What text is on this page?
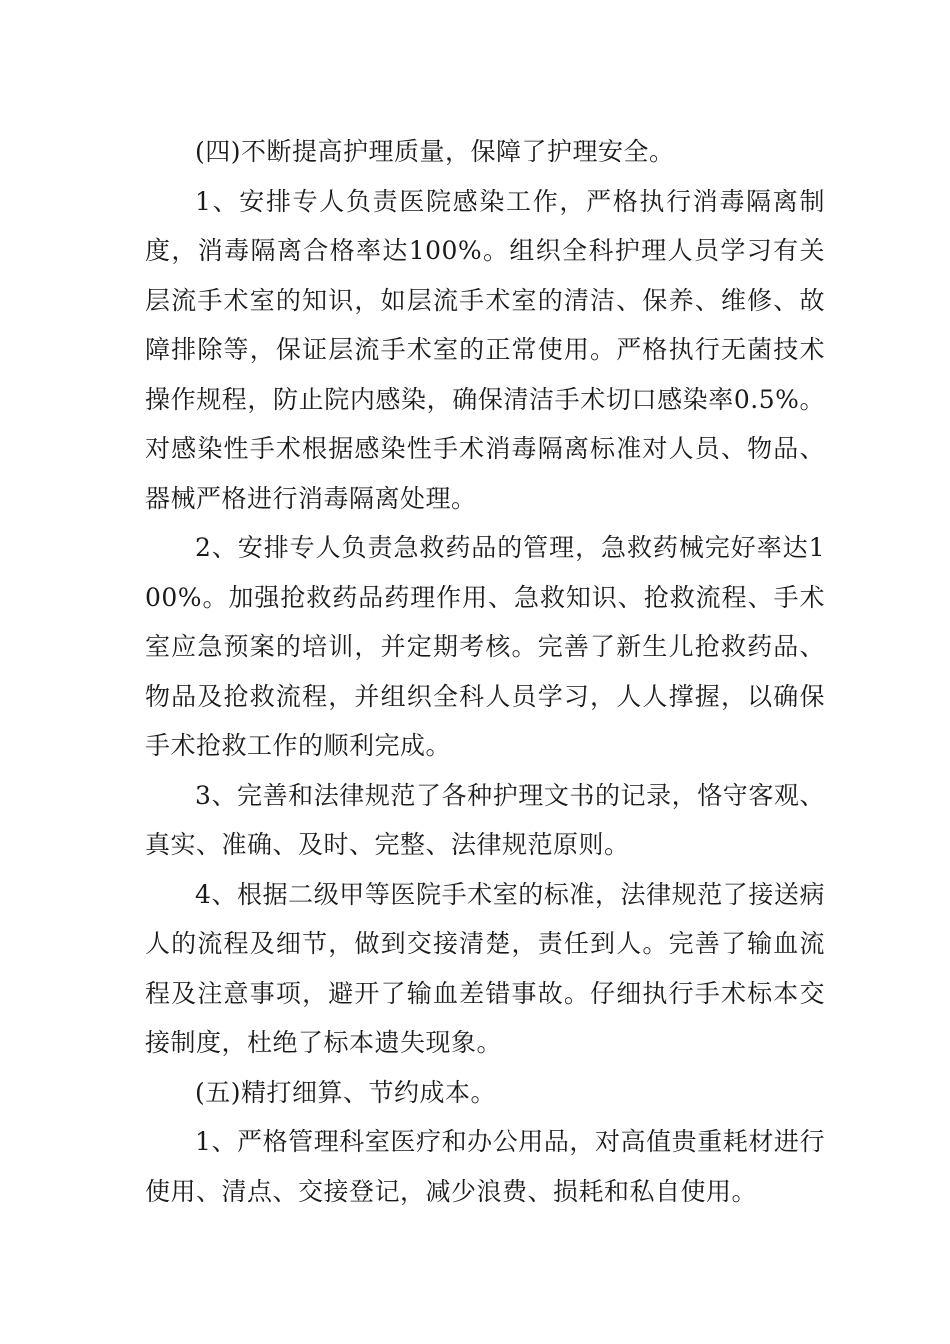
(四)不断提高护理质量，保障了护理安全。

1、安排专人负责医院感染工作，严格执行消毒隔离制度，消毒隔离合格率达100%。组织全科护理人员学习有关层流手术室的知识，如层流手术室的清洁、保养、维修、故障排除等，保证层流手术室的正常使用。严格执行无菌技术操作规程，防止院内感染，确保清洁手术切口感染率0.5%。对感染性手术根据感染性手术消毒隔离标准对人员、物品、器械严格进行消毒隔离处理。

2、安排专人负责急救药品的管理，急救药械完好率达100%。加强抢救药品药理作用、急救知识、抢救流程、手术室应急预案的培训，并定期考核。完善了新生儿抢救药品、物品及抢救流程，并组织全科人员学习，人人撑握，以确保手术抢救工作的顺利完成。

3、完善和法律规范了各种护理文书的记录，恪守客观、真实、准确、及时、完整、法律规范原则。

4、根据二级甲等医院手术室的标准，法律规范了接送病人的流程及细节，做到交接清楚，责任到人。完善了输血流程及注意事项，避开了输血差错事故。仔细执行手术标本交接制度，杜绝了标本遗失现象。

(五)精打细算、节约成本。

1、严格管理科室医疗和办公用品，对高值贵重耗材进行使用、清点、交接登记，减少浪费、损耗和私自使用。
